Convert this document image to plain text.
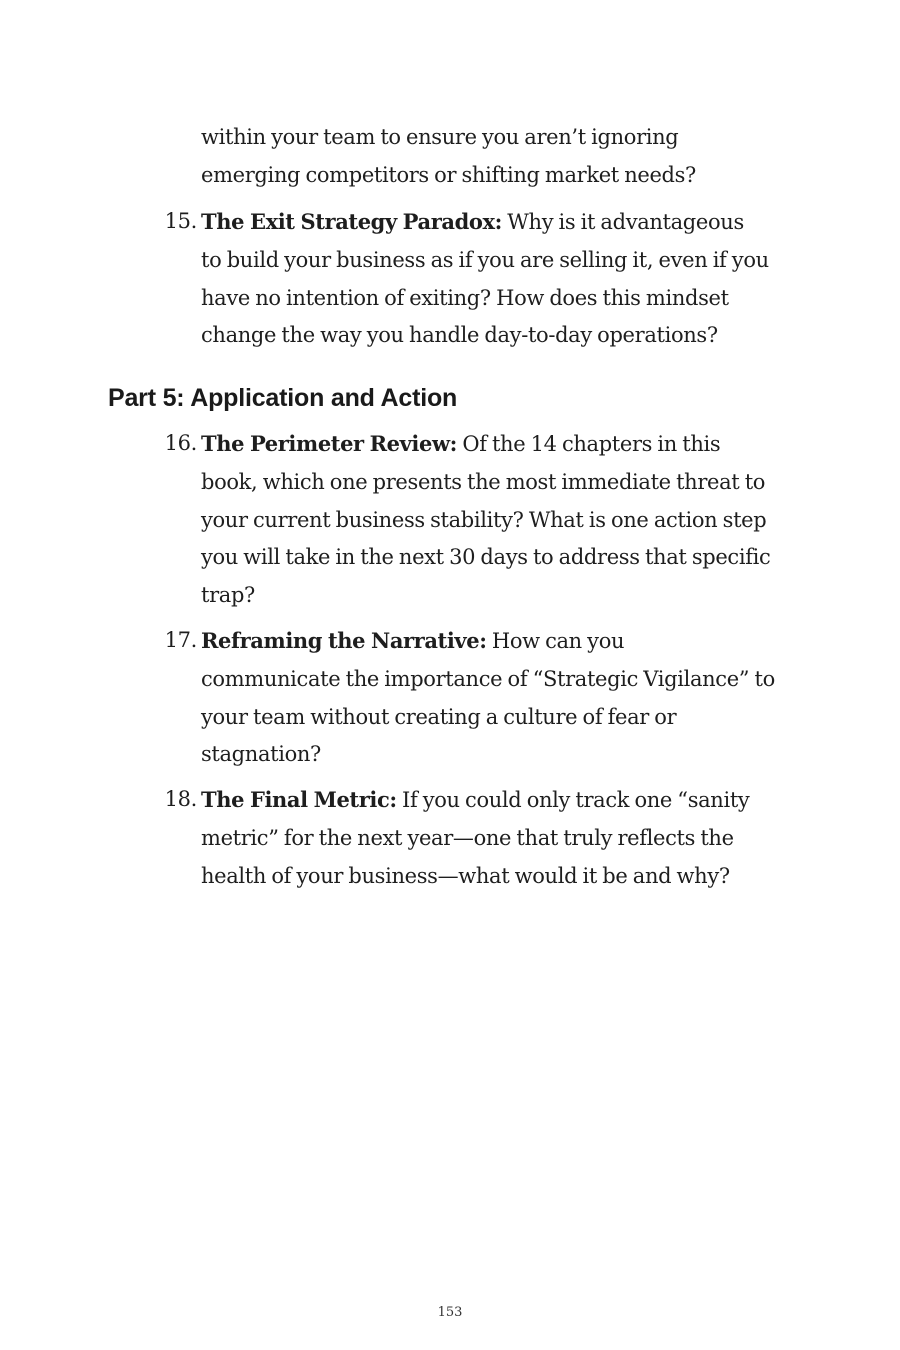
within your team to ensure you aren’t ignoring
emerging competitors or shifting market needs?
15. The Exit Strategy Paradox: Why is it advantageous
to build your business as if you are selling it, even if you
have no intention of exiting? How does this mindset
change the way you handle day-to-day operations?
Part 5: Application and Action
16. The Perimeter Review: Of the 14 chapters in this
book, which one presents the most immediate threat to
your current business stability? What is one action step
you will take in the next 30 days to address that specific
trap?
17. Reframing the Narrative: How can you
communicate the importance of “Strategic Vigilance” to
your team without creating a culture of fear or
stagnation?
18. The Final Metric: If you could only track one “sanity
metric” for the next year—one that truly reflects the
health of your business—what would it be and why?
153
